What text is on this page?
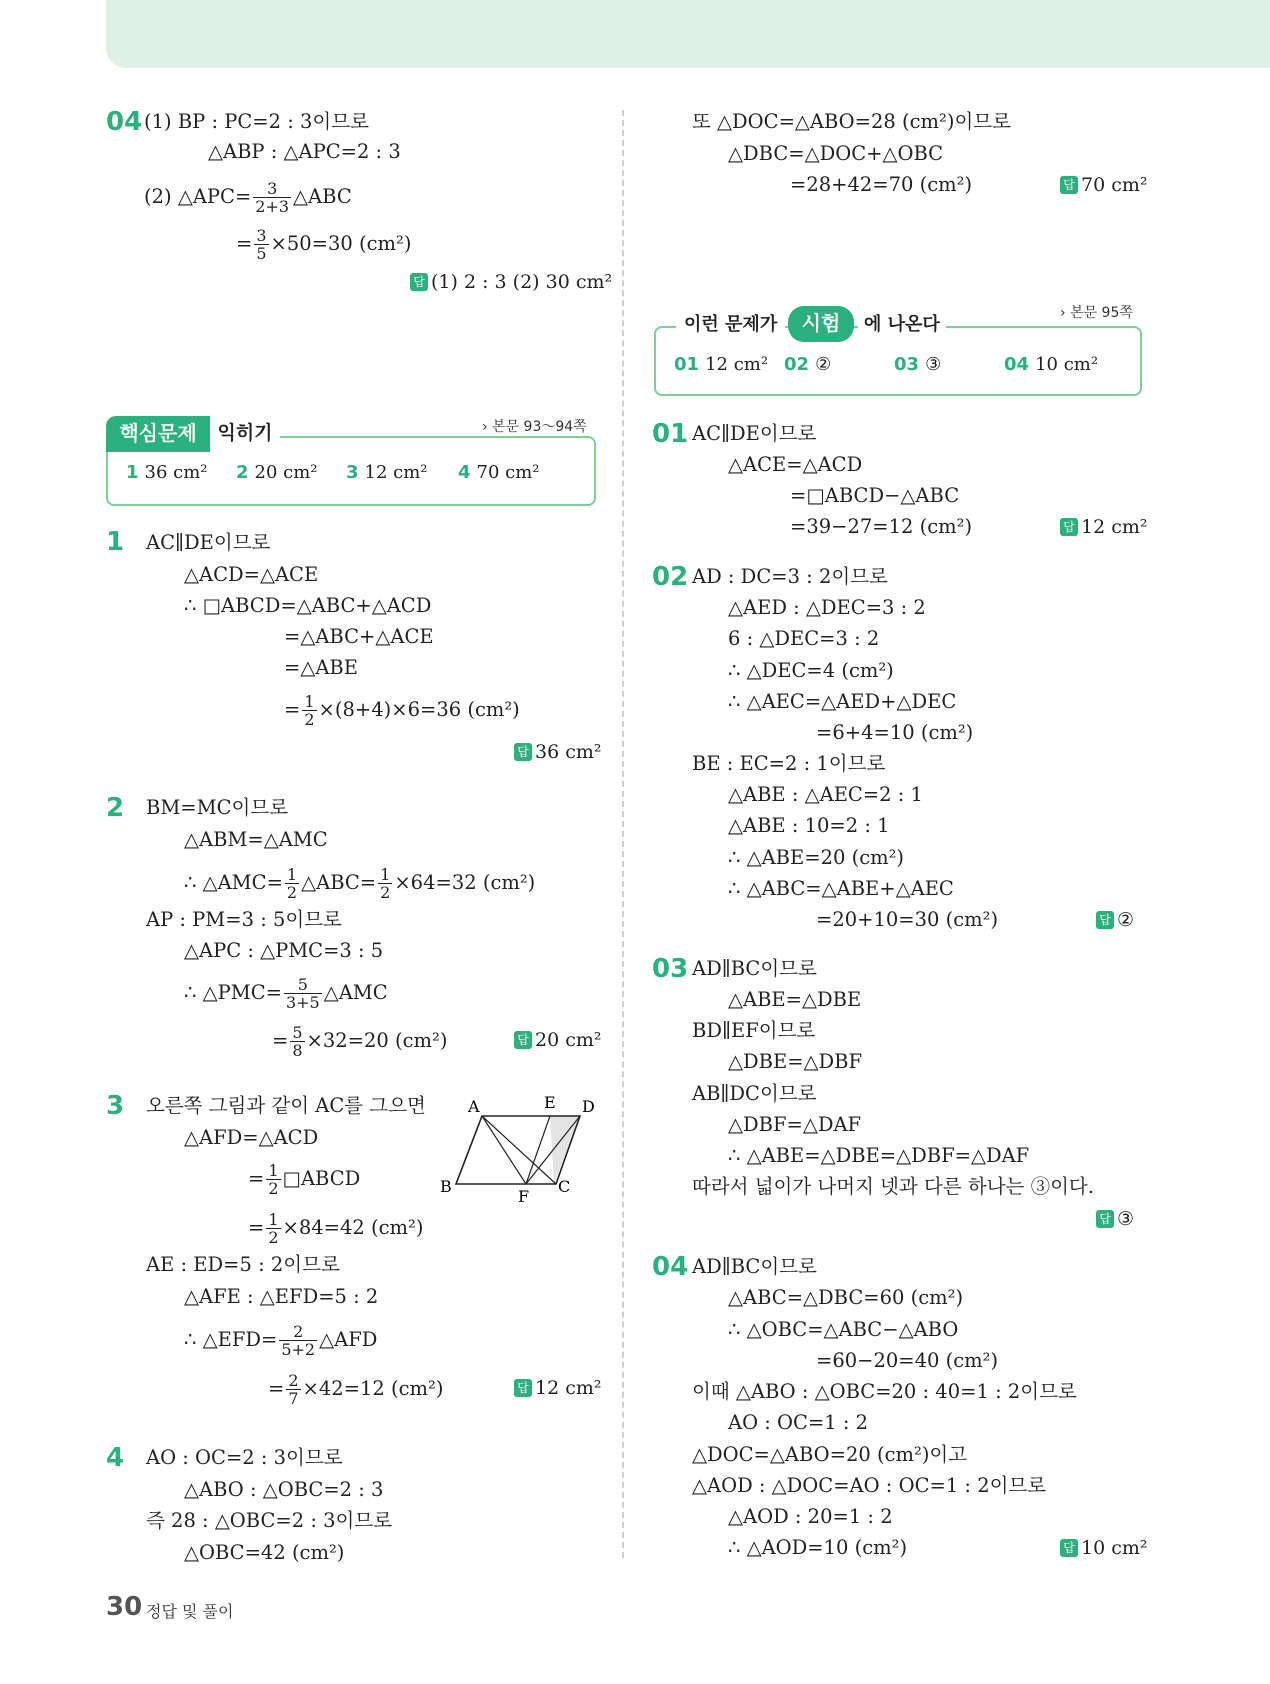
04 (1) BP : PC=2 : 3이므로
△ABP : △APC=2 : 3
(2) △APC= $\frac{3}{2+3}$ △ABC
= $\frac{3}{5} \times 50=30$ (cm²)
답 (1) 2 : 3 (2) 30 cm²
핵심문제	익히기	› 본문 93～94쪽
1 36 cm² 2 20 cm² 3 12 cm² 4 70 cm²
1 AC∥DE이므로
△ACD=△ACE
∴ □ABCD=△ABC+△ACD
=△ABC+△ACE
=△ABE
= $\frac{1}{2} \times(8+4)\times 6=36$ (cm²)
답 36 cm²
2 BM=MC이므로
△ABM=△AMC
∴ △AMC= $\frac{1}{2}$ △ABC= $\frac{1}{2} \times 64=32$ (cm²)
AP : PM=3 : 5이므로
△APC : △PMC=3 : 5
∴ △PMC= $\frac{5}{3+5}$ △AMC
= $\frac{5}{8} \times 32=20$ (cm²)	답 20 cm²
3 오른쪽 그림과 같이 AC를 그으면
△AFD=△ACD
= $\frac{1}{2}$ □ABCD
= $\frac{1}{2} \times 84=42$ (cm²)
AE : ED=5 : 2이므로
△AFE : △EFD=5 : 2
∴ △EFD= $\frac{2}{5+2}$ △AFD
= $\frac{2}{7} \times 42=12$ (cm²)	답 12 cm²
A	E D
B
F
C
4 AO : OC=2 : 3이므로
△ABO : △OBC=2 : 3
즉 28 : △OBC=2 : 3이므로
△OBC=42 (cm²)
또 △DOC=△ABO=28 (cm²)이므로
△DBC=△DOC+△OBC
=28+42=70 (cm²)	답 70 cm²
이런 문제가	시험	에 나온다
› 본문 95쪽
01 12 cm² 02 ②	03 ③	04 10 cm²
01 AC∥DE이므로
△ACE=△ACD
=□ABCD−△ABC
=39−27=12 (cm²)	답 12 cm²
02 AD : DC=3 : 2이므로
△AED : △DEC=3 : 2
6 : △DEC=3 : 2
∴ △DEC=4 (cm²)
∴ △AEC=△AED+△DEC
=6+4=10 (cm²)
BE : EC=2 : 1이므로
△ABE : △AEC=2 : 1
△ABE : 10=2 : 1
∴ △ABE=20 (cm²)
∴ △ABC=△ABE+△AEC
=20+10=30 (cm²)	답 ②
03 AD∥BC이므로
△ABE=△DBE
BD∥EF이므로
△DBE=△DBF
AB∥DC이므로
△DBF=△DAF
∴ △ABE=△DBE=△DBF=△DAF
따라서 넓이가 나머지 넷과 다른 하나는 ③이다.
답 ③
04 AD∥BC이므로
△ABC=△DBC=60 (cm²)
∴ △OBC=△ABC−△ABO
=60−20=40 (cm²)
이때 △ABO : △OBC=20 : 40=1 : 2이므로
AO : OC=1 : 2
△DOC=△ABO=20 (cm²)이고
△AOD : △DOC=AO : OC=1 : 2이므로
△AOD : 20=1 : 2
∴ △AOD=10 (cm²)	답 10 cm²
30 정답 및 풀이
